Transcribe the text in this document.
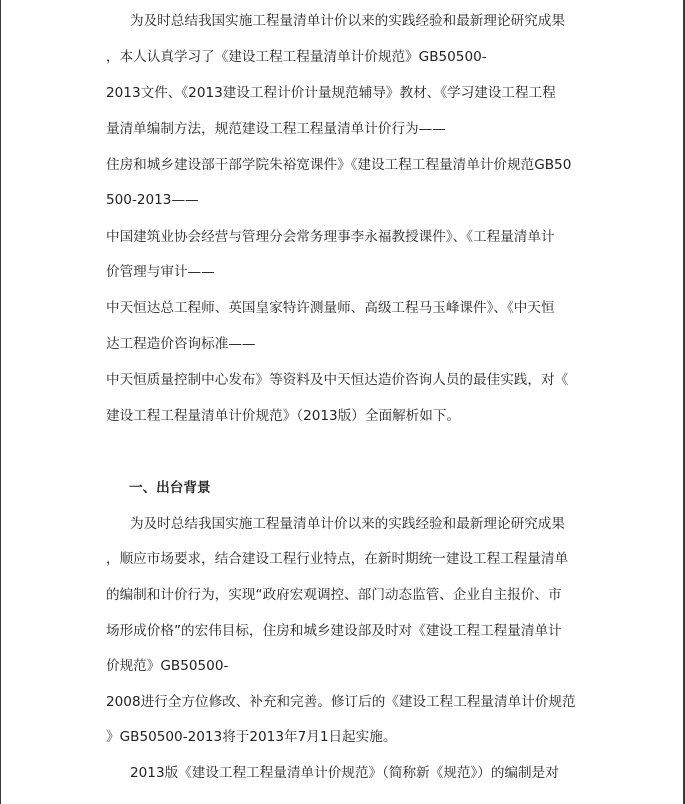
为及时总结我国实施工程量清单计价以来的实践经验和最新理论研究成果
，本人认真学习了《建设工程工程量清单计价规范》GB50500-
2013文件、《2013建设工程计价计量规范辅导》教材、《学习建设工程工程
量清单编制方法，规范建设工程工程量清单计价行为——
住房和城乡建设部干部学院朱裕宽课件》《建设工程工程量清单计价规范GB50
500-2013——
中国建筑业协会经营与管理分会常务理事李永福教授课件》、《工程量清单计
价管理与审计——
中天恒达总工程师、英国皇家特许测量师、高级工程马玉峰课件》、《中天恒
达工程造价咨询标准——
中天恒质量控制中心发布》等资料及中天恒达造价咨询人员的最佳实践，对《
建设工程工程量清单计价规范》（2013版）全面解析如下。
一、出台背景
为及时总结我国实施工程量清单计价以来的实践经验和最新理论研究成果
，顺应市场要求，结合建设工程行业特点，在新时期统一建设工程工程量清单
的编制和计价行为，实现“政府宏观调控、部门动态监管、企业自主报价、市
场形成价格”的宏伟目标，住房和城乡建设部及时对《建设工程工程量清单计
价规范》GB50500-
2008进行全方位修改、补充和完善。修订后的《建设工程工程量清单计价规范
》GB50500-2013将于2013年7月1日起实施。
2013版《建设工程工程量清单计价规范》（简称新《规范》）的编制是对
